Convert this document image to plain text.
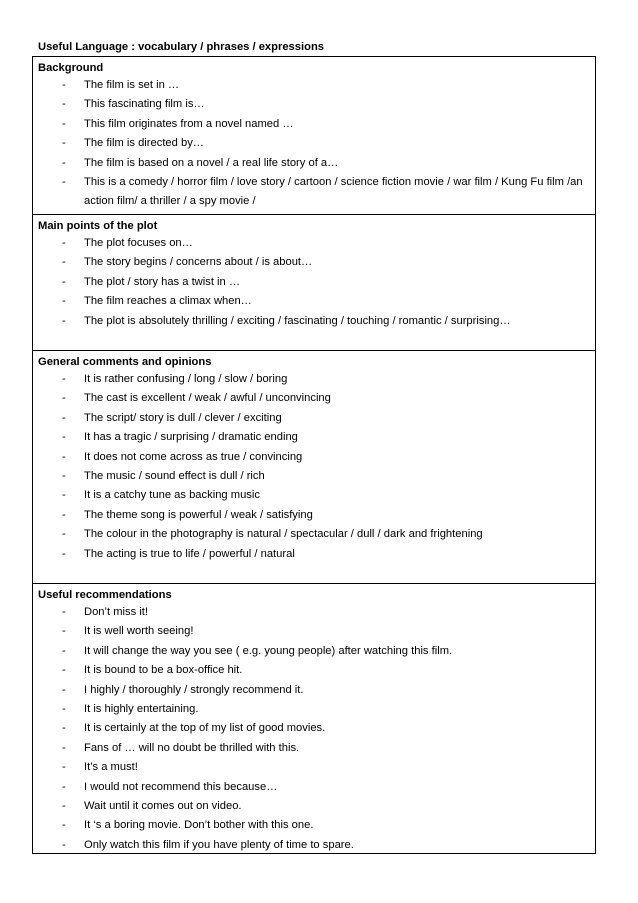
Useful Language : vocabulary / phrases / expressions
Background
- The film is set in …
- This fascinating film is…
- This film originates from a novel named …
- The film is directed by…
- The film is based on a novel / a real life story of a…
- This is a comedy / horror film / love story / cartoon / science fiction movie / war film / Kung Fu film /an action film/ a thriller / a spy movie /
Main points of the plot
- The plot focuses on…
- The story begins / concerns about / is about…
- The plot / story has a twist in …
- The film reaches a climax when…
- The plot is absolutely thrilling / exciting / fascinating / touching / romantic / surprising…
General comments and opinions
- It is rather confusing / long / slow / boring
- The cast is excellent / weak / awful / unconvincing
- The script/ story is dull / clever / exciting
- It has a tragic / surprising / dramatic ending
- It does not come across as true / convincing
- The music / sound effect is dull / rich
- It is a catchy tune as backing music
- The theme song is powerful / weak / satisfying
- The colour in the photography is natural / spectacular / dull / dark and frightening
- The acting is true to life / powerful / natural
Useful recommendations
- Don’t miss it!
- It is well worth seeing!
- It will change the way you see ( e.g. young people) after watching this film.
- It is bound to be a box-office hit.
- I highly / thoroughly / strongly recommend it.
- It is highly entertaining.
- It is certainly at the top of my list of good movies.
- Fans of … will no doubt be thrilled with this.
- It’s a must!
- I would not recommend this because…
- Wait until it comes out on video.
- It ‘s a boring movie. Don’t bother with this one.
- Only watch this film if you have plenty of time to spare.
